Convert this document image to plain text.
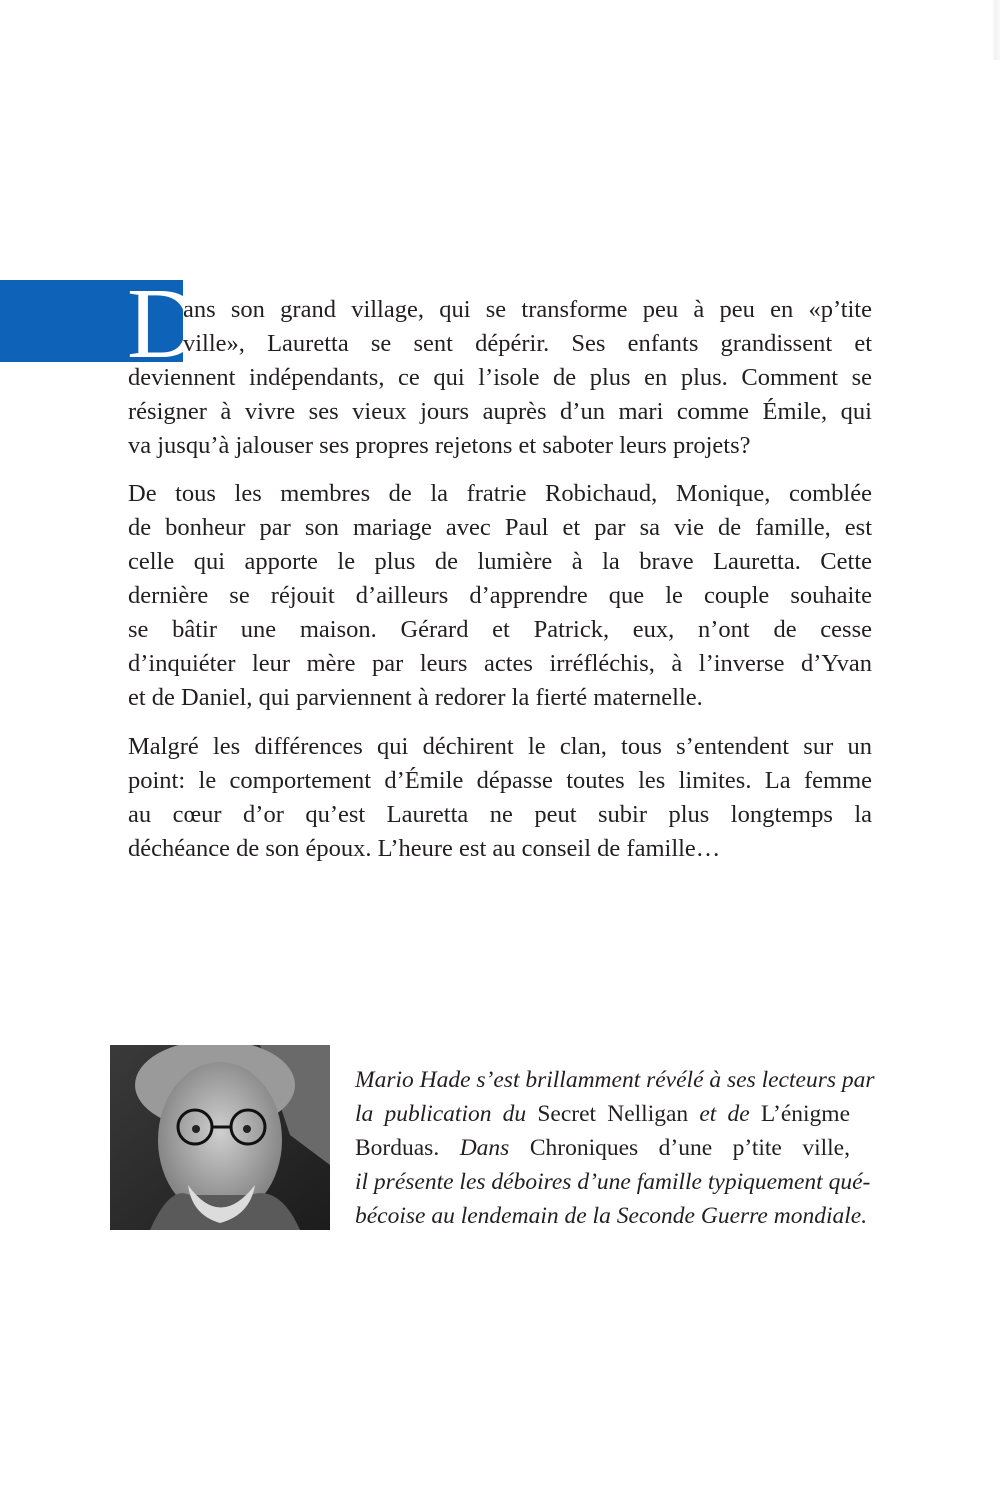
D
ans son grand village, qui se transforme peu à peu en «p’tite
ville», Lauretta se sent dépérir. Ses enfants grandissent et
deviennent indépendants, ce qui l’isole de plus en plus. Comment se
résigner à vivre ses vieux jours auprès d’un mari comme Émile, qui
va jusqu’à jalouser ses propres rejetons et saboter leurs projets?
De tous les membres de la fratrie Robichaud, Monique, comblée
de bonheur par son mariage avec Paul et par sa vie de famille, est
celle qui apporte le plus de lumière à la brave Lauretta. Cette
dernière se réjouit d’ailleurs d’apprendre que le couple souhaite
se bâtir une maison. Gérard et Patrick, eux, n’ont de cesse
d’inquiéter leur mère par leurs actes irréfléchis, à l’inverse d’Yvan
et de Daniel, qui parviennent à redorer la fierté maternelle.
Malgré les différences qui déchirent le clan, tous s’entendent sur un
point: le comportement d’Émile dépasse toutes les limites. La femme
au cœur d’or qu’est Lauretta ne peut subir plus longtemps la
déchéance de son époux. L’heure est au conseil de famille…
Mario Hade s’est brillamment révélé à ses lecteurs par
la publication du Secret Nelligan et de L’énigme
Borduas. Dans Chroniques d’une p’tite ville,
il présente les déboires d’une famille typiquement qué-
bécoise au lendemain de la Seconde Guerre mondiale.
